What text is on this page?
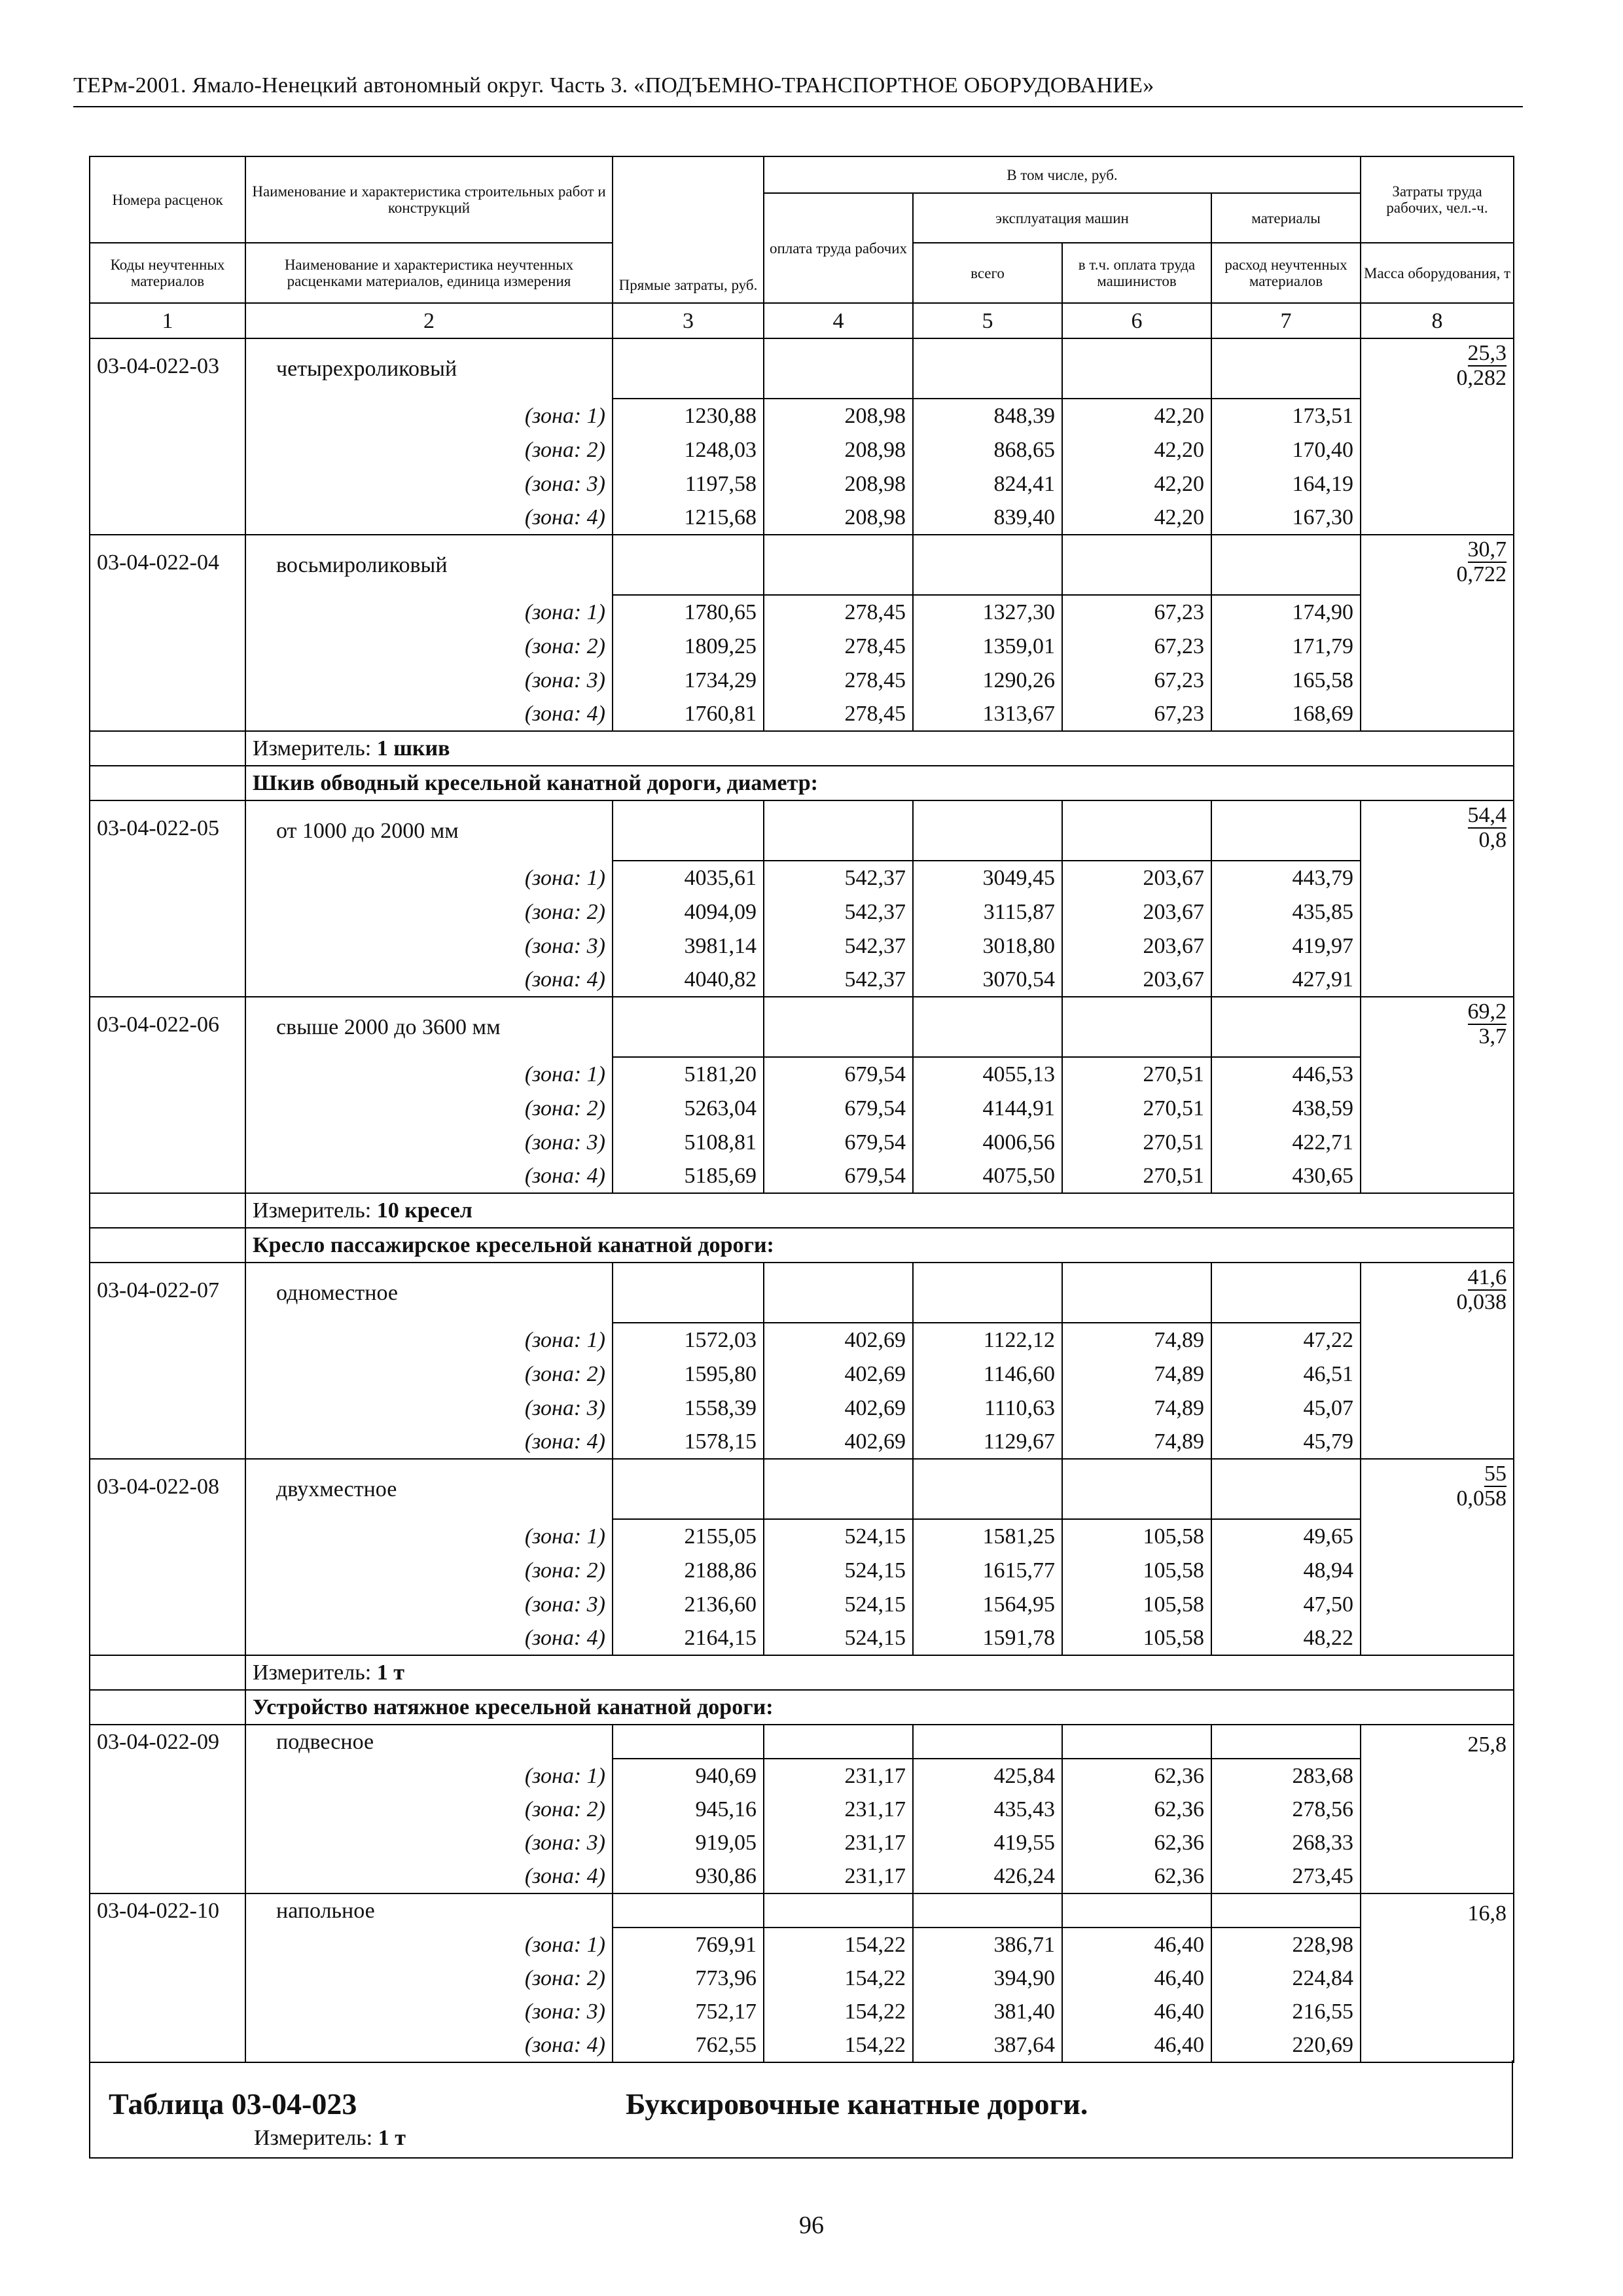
ТЕРм-2001. Ямало-Ненецкий автономный округ. Часть 3. «ПОДЪЕМНО-ТРАНСПОРТНОЕ ОБОРУДОВАНИЕ»
Номера расценок	Наименование и характеристика строительных работ и конструкций	Прямые затраты, руб.	В том числе, руб.				Затраты труда рабочих, чел.-ч.
			оплата труда рабочих	эксплуатация машин		материалы	
Коды неучтенных материалов	Наименование и характеристика неучтенных расценками материалов, единица измерения			всего	в т.ч. оплата труда машинистов	расход неучтенных материалов	Масса оборудования, т
1	2	3	4	5	6	7	8
03-04-022-03	четырехроликовый						$\frac{25,3}{0,282}$
	(зона: 1)	1230,88	208,98	848,39	42,20	173,51	
	(зона: 2)	1248,03	208,98	868,65	42,20	170,40	
	(зона: 3)	1197,58	208,98	824,41	42,20	164,19	
	(зона: 4)	1215,68	208,98	839,40	42,20	167,30	
03-04-022-04	восьмироликовый						$\frac{30,7}{0,722}$
	(зона: 1)	1780,65	278,45	1327,30	67,23	174,90	
	(зона: 2)	1809,25	278,45	1359,01	67,23	171,79	
	(зона: 3)	1734,29	278,45	1290,26	67,23	165,58	
	(зона: 4)	1760,81	278,45	1313,67	67,23	168,69	
	Измеритель: 1 шкив						
	Шкив обводный кресельной канатной дороги, диаметр:						
03-04-022-05	от 1000 до 2000 мм						$\frac{54,4}{0,8}$
	(зона: 1)	4035,61	542,37	3049,45	203,67	443,79	
	(зона: 2)	4094,09	542,37	3115,87	203,67	435,85	
	(зона: 3)	3981,14	542,37	3018,80	203,67	419,97	
	(зона: 4)	4040,82	542,37	3070,54	203,67	427,91	
03-04-022-06	свыше 2000 до 3600 мм						$\frac{69,2}{3,7}$
	(зона: 1)	5181,20	679,54	4055,13	270,51	446,53	
	(зона: 2)	5263,04	679,54	4144,91	270,51	438,59	
	(зона: 3)	5108,81	679,54	4006,56	270,51	422,71	
	(зона: 4)	5185,69	679,54	4075,50	270,51	430,65	
	Измеритель: 10 кресел						
	Кресло пассажирское кресельной канатной дороги:						
03-04-022-07	одноместное						$\frac{41,6}{0,038}$
	(зона: 1)	1572,03	402,69	1122,12	74,89	47,22	
	(зона: 2)	1595,80	402,69	1146,60	74,89	46,51	
	(зона: 3)	1558,39	402,69	1110,63	74,89	45,07	
	(зона: 4)	1578,15	402,69	1129,67	74,89	45,79	
03-04-022-08	двухместное						$\frac{55}{0,058}$
	(зона: 1)	2155,05	524,15	1581,25	105,58	49,65	
	(зона: 2)	2188,86	524,15	1615,77	105,58	48,94	
	(зона: 3)	2136,60	524,15	1564,95	105,58	47,50	
	(зона: 4)	2164,15	524,15	1591,78	105,58	48,22	
	Измеритель: 1 т						
	Устройство натяжное кресельной канатной дороги:						
03-04-022-09	подвесное						25,8
	(зона: 1)	940,69	231,17	425,84	62,36	283,68	
	(зона: 2)	945,16	231,17	435,43	62,36	278,56	
	(зона: 3)	919,05	231,17	419,55	62,36	268,33	
	(зона: 4)	930,86	231,17	426,24	62,36	273,45	
03-04-022-10	напольное						16,8
	(зона: 1)	769,91	154,22	386,71	46,40	228,98	
	(зона: 2)	773,96	154,22	394,90	46,40	224,84	
	(зона: 3)	752,17	154,22	381,40	46,40	216,55	
	(зона: 4)	762,55	154,22	387,64	46,40	220,69	
Таблица 03-04-023	Буксировочные канатные дороги.
Измеритель: 1 т
96
